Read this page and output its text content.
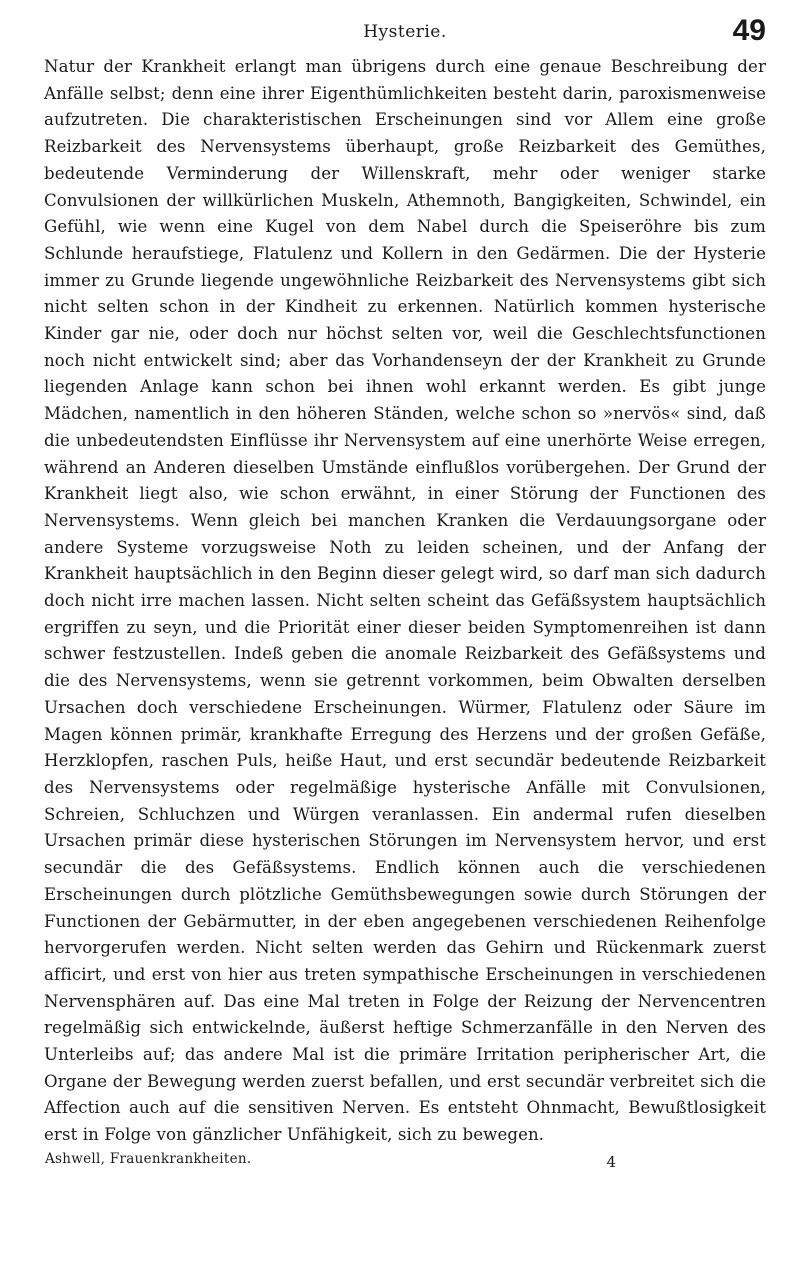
Hysterie.	49

Natur der Krankheit erlangt man übrigens durch eine genaue Beschreibung der Anfälle selbst; denn eine ihrer Eigenthümlichkeiten besteht darin, paroxismenweise aufzutreten. Die charakteristischen Erscheinungen sind vor Allem eine große Reizbarkeit des Nervensystems überhaupt, große Reizbarkeit des Gemüthes, bedeutende Verminderung der Willenskraft, mehr oder weniger starke Convulsionen der willkürlichen Muskeln, Athemnoth, Bangigkeiten, Schwindel, ein Gefühl, wie wenn eine Kugel von dem Nabel durch die Speiseröhre bis zum Schlunde heraufstiege, Flatulenz und Kollern in den Gedärmen. Die der Hysterie immer zu Grunde liegende ungewöhnliche Reizbarkeit des Nervensystems gibt sich nicht selten schon in der Kindheit zu erkennen. Natürlich kommen hysterische Kinder gar nie, oder doch nur höchst selten vor, weil die Geschlechtsfunctionen noch nicht entwickelt sind; aber das Vorhandenseyn der der Krankheit zu Grunde liegenden Anlage kann schon bei ihnen wohl erkannt werden. Es gibt junge Mädchen, namentlich in den höheren Ständen, welche schon so »nervös« sind, daß die unbedeutendsten Einflüsse ihr Nervensystem auf eine unerhörte Weise erregen, während an Anderen dieselben Umstände einflußlos vorübergehen. Der Grund der Krankheit liegt also, wie schon erwähnt, in einer Störung der Functionen des Nervensystems. Wenn gleich bei manchen Kranken die Verdauungsorgane oder andere Systeme vorzugsweise Noth zu leiden scheinen, und der Anfang der Krankheit hauptsächlich in den Beginn dieser gelegt wird, so darf man sich dadurch doch nicht irre machen lassen. Nicht selten scheint das Gefäßsystem hauptsächlich ergriffen zu seyn, und die Priorität einer dieser beiden Symptomenreihen ist dann schwer festzustellen. Indeß geben die anomale Reizbarkeit des Gefäßsystems und die des Nervensystems, wenn sie getrennt vorkommen, beim Obwalten derselben Ursachen doch verschiedene Erscheinungen. Würmer, Flatulenz oder Säure im Magen können primär, krankhafte Erregung des Herzens und der großen Gefäße, Herzklopfen, raschen Puls, heiße Haut, und erst secundär bedeutende Reizbarkeit des Nervensystems oder regelmäßige hysterische Anfälle mit Convulsionen, Schreien, Schluchzen und Würgen veranlassen. Ein andermal rufen dieselben Ursachen primär diese hysterischen Störungen im Nervensystem hervor, und erst secundär die des Gefäßsystems. Endlich können auch die verschiedenen Erscheinungen durch plötzliche Gemüthsbewegungen sowie durch Störungen der Functionen der Gebärmutter, in der eben angegebenen verschiedenen Reihenfolge hervorgerufen werden. Nicht selten werden das Gehirn und Rückenmark zuerst afficirt, und erst von hier aus treten sympathische Erscheinungen in verschiedenen Nervensphären auf. Das eine Mal treten in Folge der Reizung der Nervencentren regelmäßig sich entwickelnde, äußerst heftige Schmerzanfälle in den Nerven des Unterleibs auf; das andere Mal ist die primäre Irritation peripherischer Art, die Organe der Bewegung werden zuerst befallen, und erst secundär verbreitet sich die Affection auch auf die sensitiven Nerven. Es entsteht Ohnmacht, Bewußtlosigkeit erst in Folge von gänzlicher Unfähigkeit, sich zu bewegen.

Ashwell, Frauenkrankheiten.	4
